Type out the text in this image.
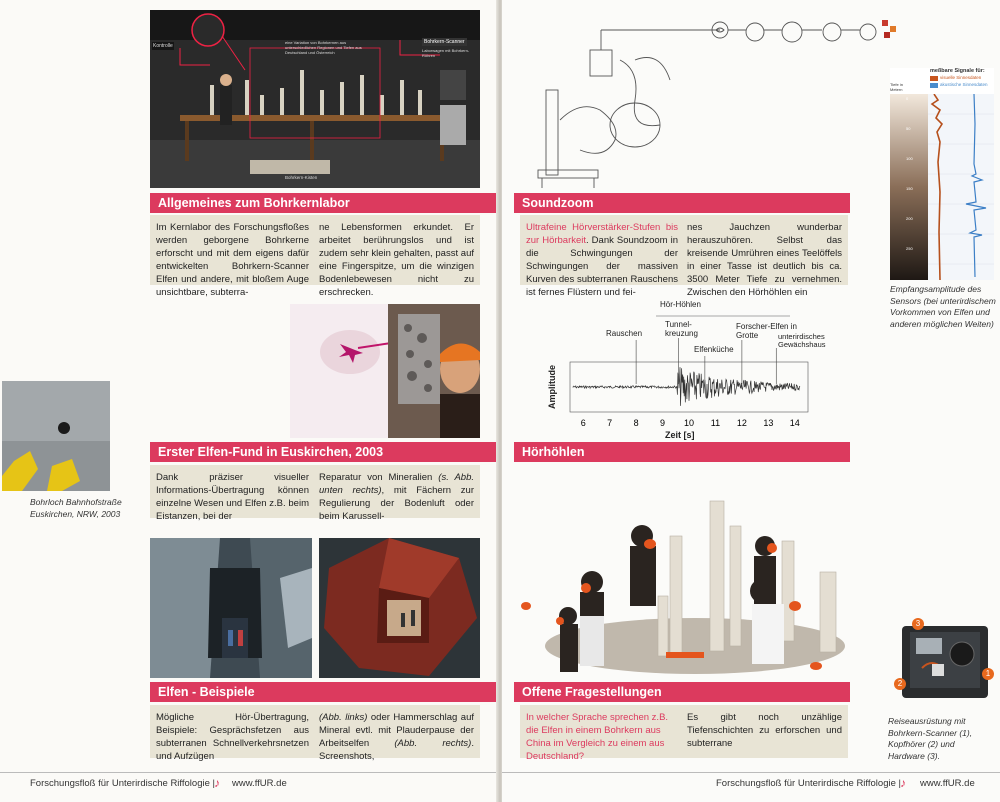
Kontrolle
eine Variation von Bohrkernen aus unterschiedlichen Regionen und Tiefen aus Deutschland und Österreich
Bohrkern-Scanner
Laborwagen mit Bohrkern-Röhren
Bohrkern-Kisten
Allgemeines zum Bohrkernlabor
Im Kernlabor des Forschungsfloßes werden geborgene Bohrkerne erforscht und mit dem eigens dafür entwickelten Bohrkern-Scanner Elfen und andere, mit bloßem Auge unsichtbare, subterra-
ne Lebensformen erkundet. Er arbeitet berührungslos und ist zudem sehr klein gehalten, passt auf eine Fingerspitze, um die winzigen Bodenlebewesen nicht zu erschrecken.
Bohrloch Bahnhofstraße Euskirchen, NRW, 2003
Erster Elfen-Fund in Euskirchen, 2003
Dank präziser visueller Informations-Übertragung können einzelne Wesen und Elfen z.B. beim Eistanzen, bei der
Reparatur von Mineralien (s. Abb. unten rechts), mit Fächern zur Regulierung der Bodenluft oder beim Karussell-
Elfen - Beispiele
Mögliche Hör-Übertragung, Beispiele: Gesprächsfetzen aus subterranen Schnellverkehrsnetzen und Aufzügen
(Abb. links) oder Hammerschlag auf Mineral evtl. mit Plauderpause der Arbeitselfen (Abb. rechts). Screenshots,
Forschungsfloß für Unterirdische Riffologie | ♪	www.ffUR.de
Soundzoom
Ultrafeine Hörverstärker-Stufen bis zur Hörbarkeit. Dank Soundzoom in die Schwingungen der Schwingungen der massiven Kurven des subterranen Rauschens ist fernes Flüstern und fei-
nes Jauchzen wunderbar herauszuhören. Selbst das kreisende Umrühren eines Teelöffels in einer Tasse ist deutlich bis ca. 3500 Meter Tiefe zu vernehmen. Zwischen den Hörhöhlen ein
meßbare Signale für:
visuelle Sinnesdaten
akustische Sinnesdaten
Tiefe in Metern
0
50
100
150
200
250
Empfangsamplitude des Sensors (bei unterirdischem Vorkommen von Elfen und anderen möglichen Weiten)
6 7 8 9 10 11 12 13 14
Hör-Höhlen
Rauschen
Tunnel-kreuzung
Elfenküche
Forscher-Elfen in Grotte	unterirdisches Gewächshaus
Amplitude
Zeit [s]
Hörhöhlen
3
2
1
Reiseausrüstung mit Bohrkern-Scanner (1), Kopfhörer (2) und Hardware (3).
Offene Fragestellungen
In welcher Sprache sprechen z.B. die Elfen in einem Bohrkern aus China im Vergleich zu einem aus Deutschland?
Es gibt noch unzählige Tiefenschichten zu erforschen und subterrane
Forschungsfloß für Unterirdische Riffologie | ♪	www.ffUR.de
